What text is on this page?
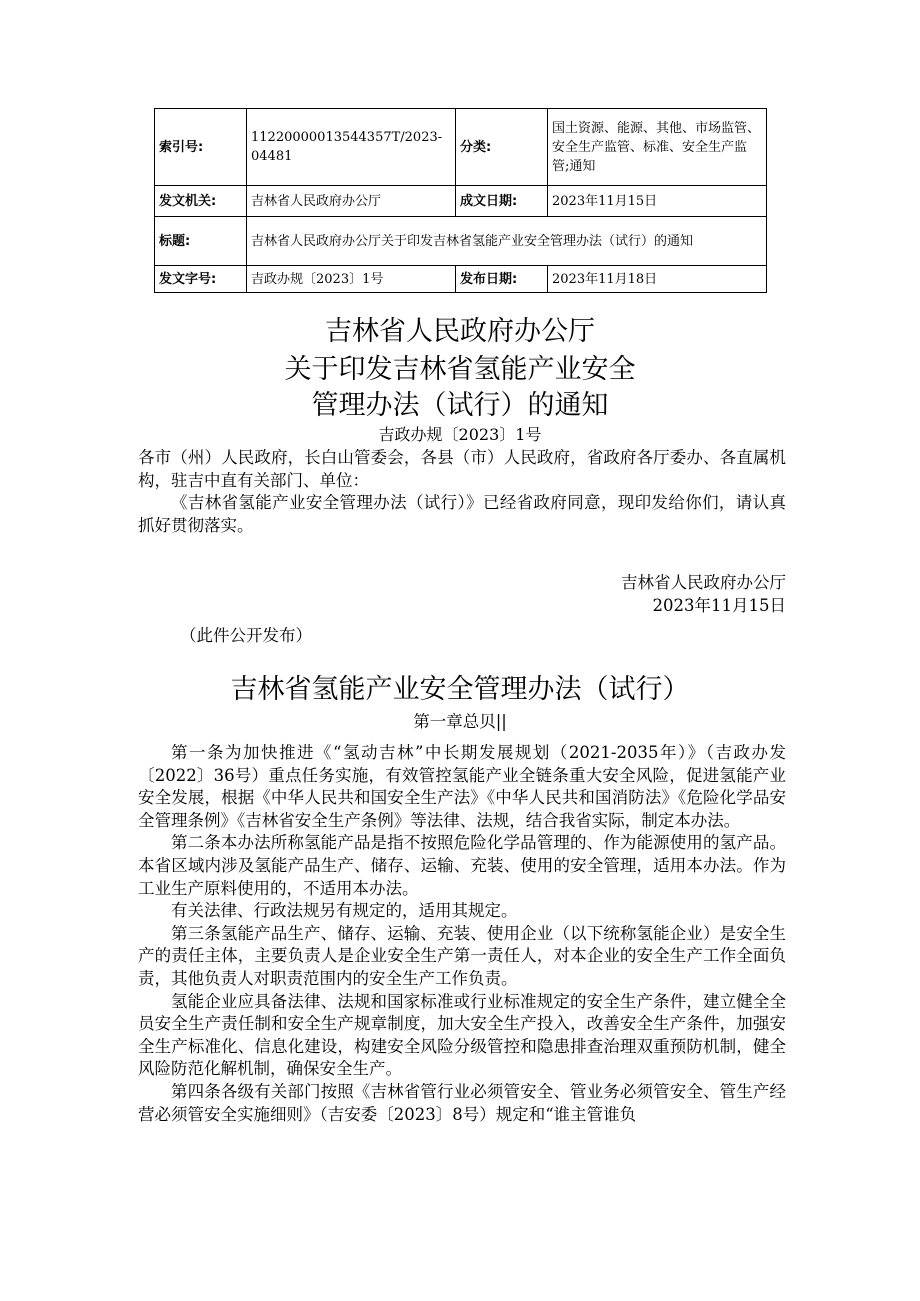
索引号:	11220000013544357T/2023-04481	分类:	国土资源、能源、其他、市场监管、安全生产监管、标准、安全生产监管;通知
发文机关:	吉林省人民政府办公厅	成文日期:	2023年11月15日
标题:	吉林省人民政府办公厅关于印发吉林省氢能产业安全管理办法（试行）的通知		
发文字号:	吉政办规〔2023〕1号	发布日期:	2023年11月18日
吉林省人民政府办公厅
关于印发吉林省氢能产业安全
管理办法（试行）的通知
吉政办规〔2023〕1号

各市（州）人民政府，长白山管委会，各县（市）人民政府，省政府各厅委办、各直属机构，驻吉中直有关部门、单位：

《吉林省氢能产业安全管理办法（试行）》已经省政府同意，现印发给你们，请认真抓好贯彻落实。

吉林省人民政府办公厅
2023年11月15日
（此件公开发布）
吉林省氢能产业安全管理办法（试行）
第一章总贝||

第一条为加快推进《“氢动吉林”中长期发展规划（2021-2035年）》（吉政办发〔2022〕36号）重点任务实施，有效管控氢能产业全链条重大安全风险，促进氢能产业安全发展，根据《中华人民共和国安全生产法》《中华人民共和国消防法》《危险化学品安全管理条例》《吉林省安全生产条例》等法律、法规，结合我省实际，制定本办法。

第二条本办法所称氢能产品是指不按照危险化学品管理的、作为能源使用的氢产品。本省区域内涉及氢能产品生产、储存、运输、充装、使用的安全管理，适用本办法。作为工业生产原料使用的，不适用本办法。

有关法律、行政法规另有规定的，适用其规定。

第三条氢能产品生产、储存、运输、充装、使用企业（以下统称氢能企业）是安全生产的责任主体，主要负责人是企业安全生产第一责任人，对本企业的安全生产工作全面负责，其他负责人对职责范围内的安全生产工作负责。

氢能企业应具备法律、法规和国家标准或行业标准规定的安全生产条件，建立健全全员安全生产责任制和安全生产规章制度，加大安全生产投入，改善安全生产条件，加强安全生产标准化、信息化建设，构建安全风险分级管控和隐患排查治理双重预防机制，健全风险防范化解机制，确保安全生产。

第四条各级有关部门按照《吉林省管行业必须管安全、管业务必须管安全、管生产经营必须管安全实施细则》（吉安委〔2023〕8号）规定和“谁主管谁负
